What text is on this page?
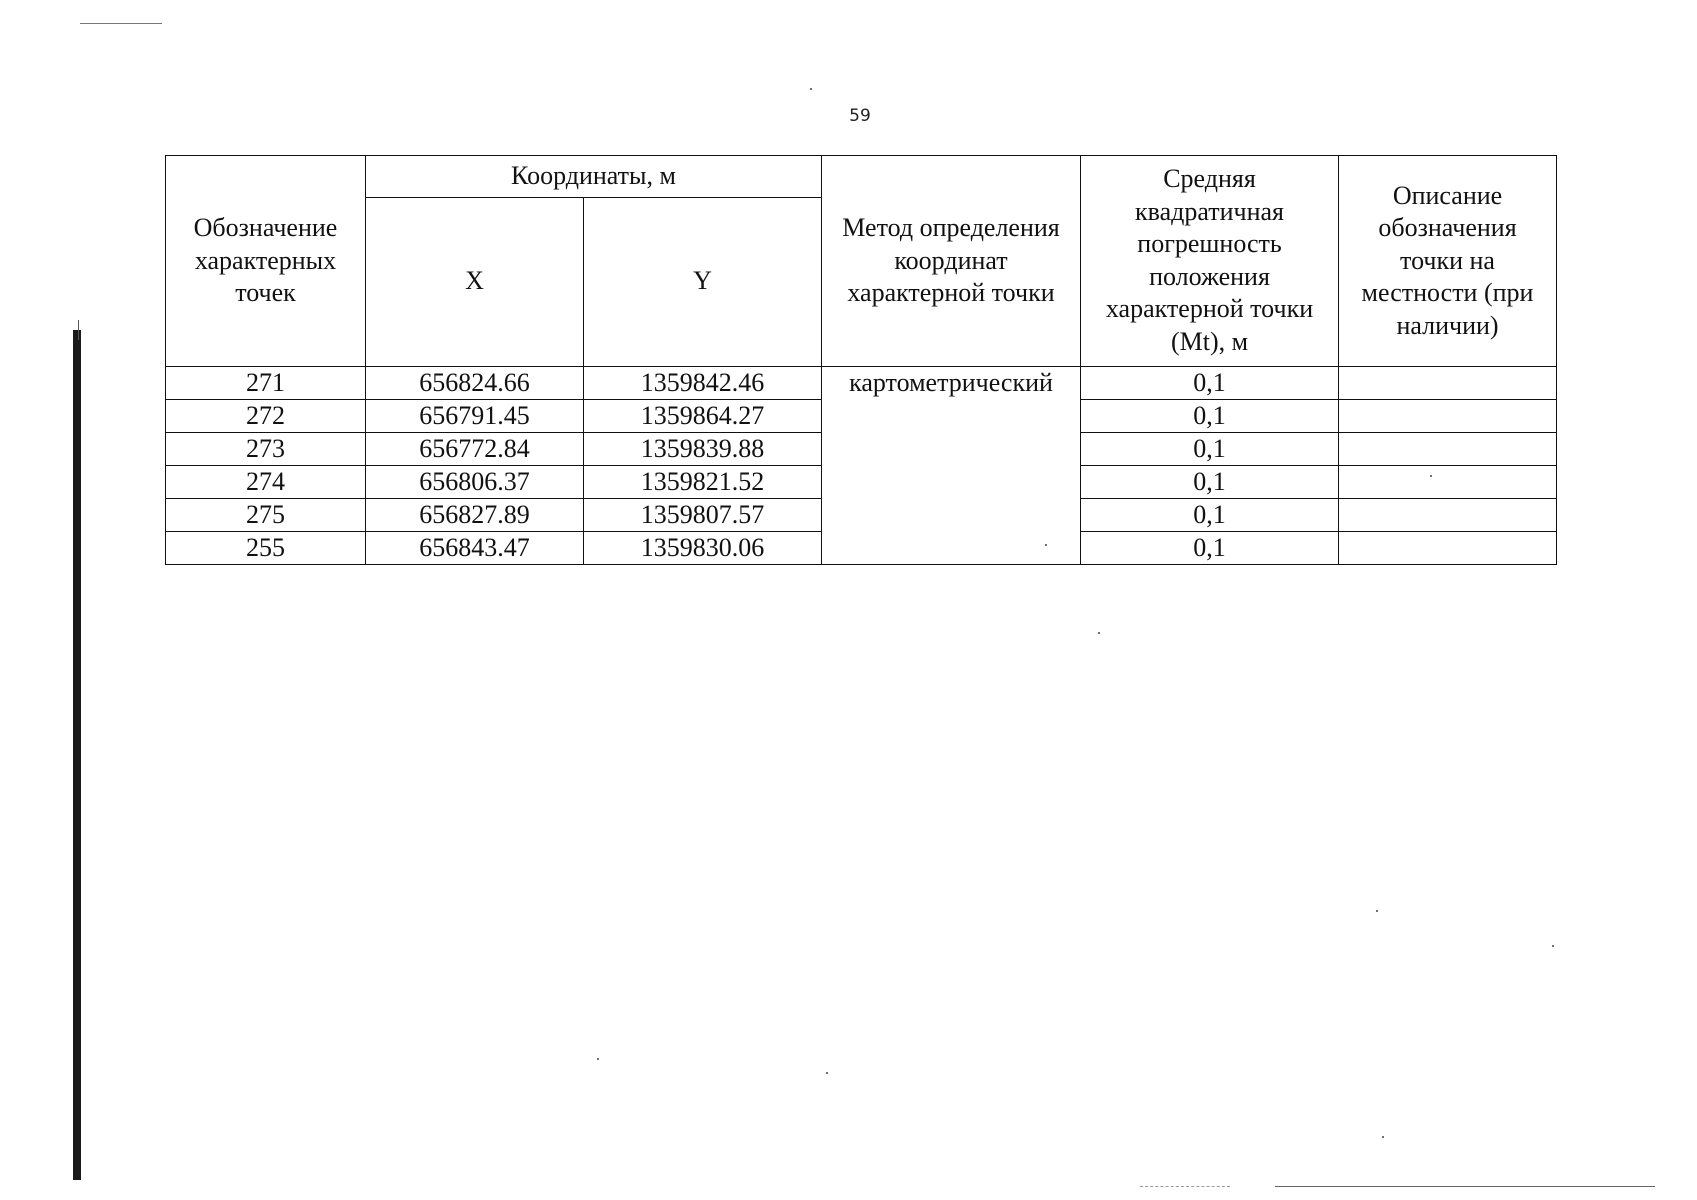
59
Обозначение характерных точек	Координаты, м		Метод определения координат характерной точки	Средняя квадратичная погрешность положения характерной точки (Mt), м	Описание обозначения точки на местности (при наличии)
	X	Y			
271	656824.66	1359842.46	картометрический	0,1	
272	656791.45	1359864.27		0,1	
273	656772.84	1359839.88		0,1	
274	656806.37	1359821.52		0,1	
275	656827.89	1359807.57		0,1	
255	656843.47	1359830.06		0,1	
